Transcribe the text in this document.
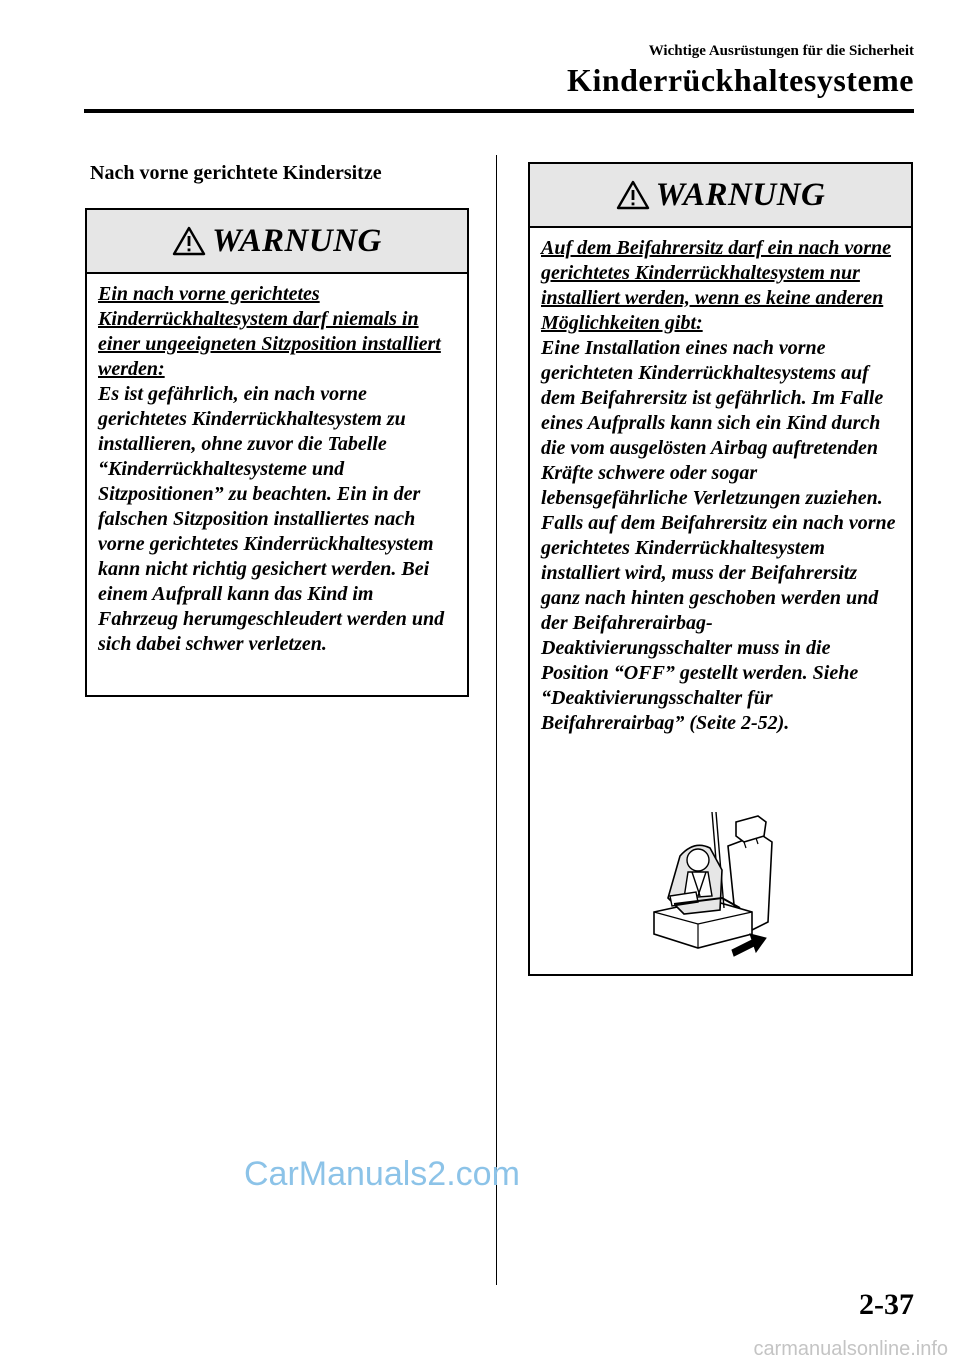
Wichtige Ausrüstungen für die Sicherheit
Kinderrückhaltesysteme
Nach vorne gerichtete Kindersitze
WARNUNG
Ein nach vorne gerichtetes Kinderrückhaltesystem darf niemals in einer ungeeigneten Sitzposition installiert werden:
Es ist gefährlich, ein nach vorne gerichtetes Kinderrückhaltesystem zu installieren, ohne zuvor die Tabelle “Kinderrückhaltesysteme und Sitzpositionen” zu beachten. Ein in der falschen Sitzposition installiertes nach vorne gerichtetes Kinderrückhaltesystem kann nicht richtig gesichert werden. Bei einem Aufprall kann das Kind im Fahrzeug herumgeschleudert werden und sich dabei schwer verletzen.
WARNUNG
Auf dem Beifahrersitz darf ein nach vorne gerichtetes Kinderrückhaltesystem nur installiert werden, wenn es keine anderen Möglichkeiten gibt:
Eine Installation eines nach vorne gerichteten Kinderrückhaltesystems auf dem Beifahrersitz ist gefährlich. Im Falle eines Aufpralls kann sich ein Kind durch die vom ausgelösten Airbag auftretenden Kräfte schwere oder sogar lebensgefährliche Verletzungen zuziehen. Falls auf dem Beifahrersitz ein nach vorne gerichtetes Kinderrückhaltesystem installiert wird, muss der Beifahrersitz ganz nach hinten geschoben werden und der Beifahrerairbag-Deaktivierungsschalter muss in die Position “OFF” gestellt werden. Siehe “Deaktivierungsschalter für Beifahrerairbag” (Seite 2-52).
CarManuals2.com
2-37
carmanualsonline.info
